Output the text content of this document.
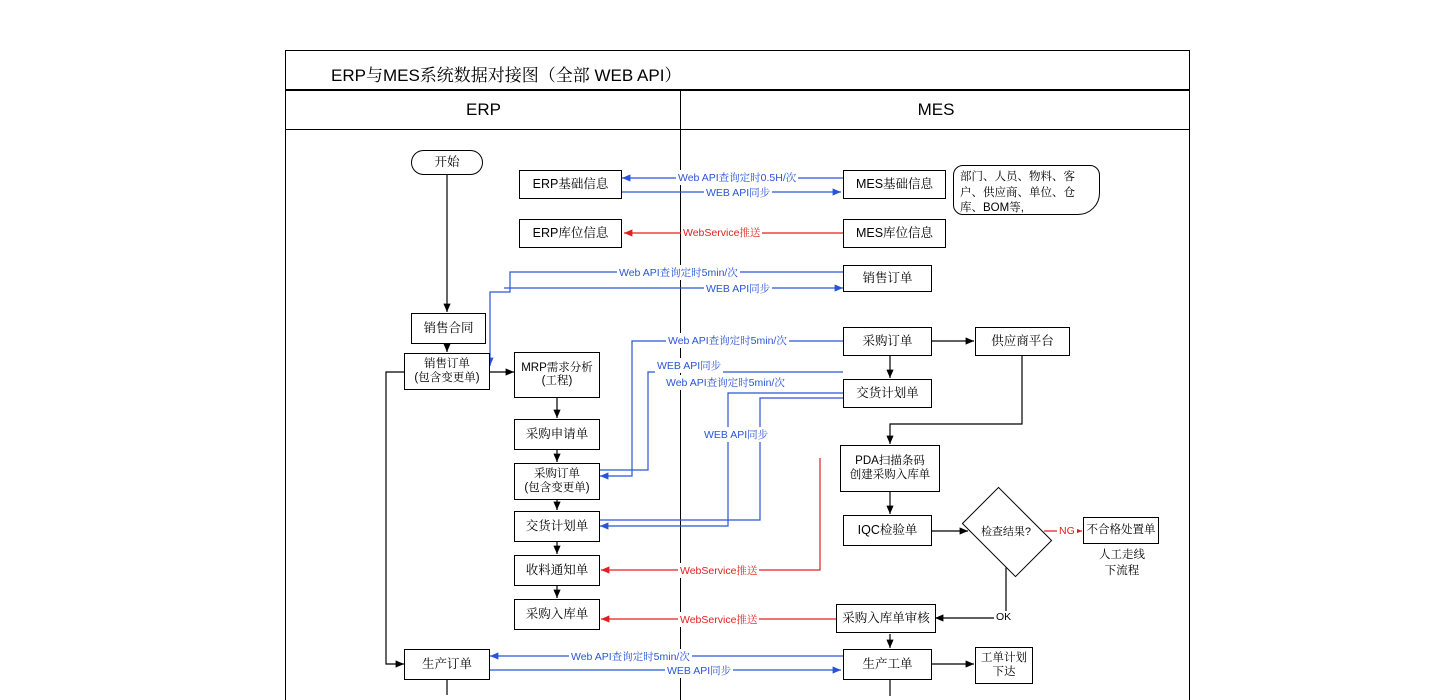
ERP与MES系统数据对接图（全部 WEB API）
ERP	MES
开始
ERP基础信息
ERP库位信息
销售合同
销售订单
(包含变更单)
MRP需求分析
(工程)
采购申请单
采购订单
(包含变更单)
交货计划单
收料通知单
采购入库单
生产订单
MES基础信息
MES库位信息
销售订单
采购订单	供应商平台
交货计划单
PDA扫描条码
创建采购入库单
IQC检验单	不合格处置单
采购入库单审核
生产工单	工单计划
下达
检查结果?
部门、人员、物料、客户、供应商、单位、仓库、BOM等,
人工走线
下流程
Web API查询定时0.5H/次
WEB API同步
WebService推送
Web API查询定时5min/次
WEB API同步
Web API查询定时5min/次
WEB API同步
Web API查询定时5min/次
WEB API同步
WebService推送
WebService推送
Web API查询定时5min/次
WEB API同步
NG
OK
